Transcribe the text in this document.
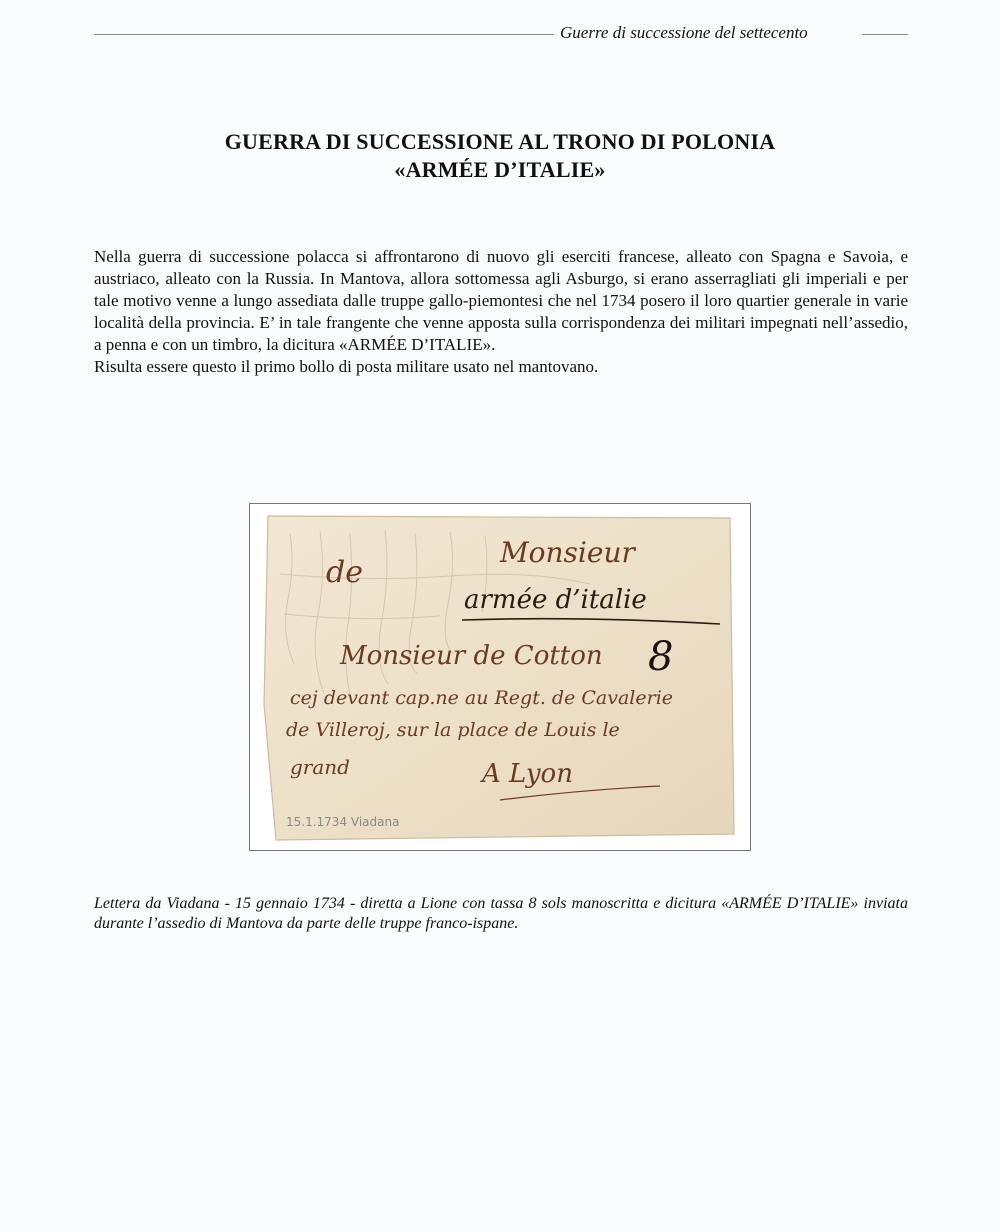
Guerre di successione del settecento
GUERRA DI SUCCESSIONE AL TRONO DI POLONIA
«ARMÉE D’ITALIE»

Nella guerra di successione polacca si affrontarono di nuovo gli eserciti francese, alleato con Spagna e Savoia, e austriaco, alleato con la Russia. In Mantova, allora sottomessa agli Asburgo, si erano asserragliati gli imperiali e per tale motivo venne a lungo assediata dalle truppe gallo-piemontesi che nel 1734 posero il loro quartier generale in varie località della provincia. E’ in tale frangente che venne apposta sulla corrispondenza dei militari impegnati nell’assedio, a penna e con un timbro, la dicitura «ARMÉE D’ITALIE».

Risulta essere questo il primo bollo di posta militare usato nel mantovano.

de
Monsieur
armée d’italie
8
Monsieur de Cotton
cej devant cap.ne au Regt. de Cavalerie
de Villeroj, sur la place de Louis le
grand	A Lyon
15.1.1734 Viadana
Lettera da Viadana - 15 gennaio 1734 - diretta a Lione con tassa 8 sols manoscritta e dicitura «ARMÉE D’ITALIE» inviata durante l’assedio di Mantova da parte delle truppe franco-ispane.
